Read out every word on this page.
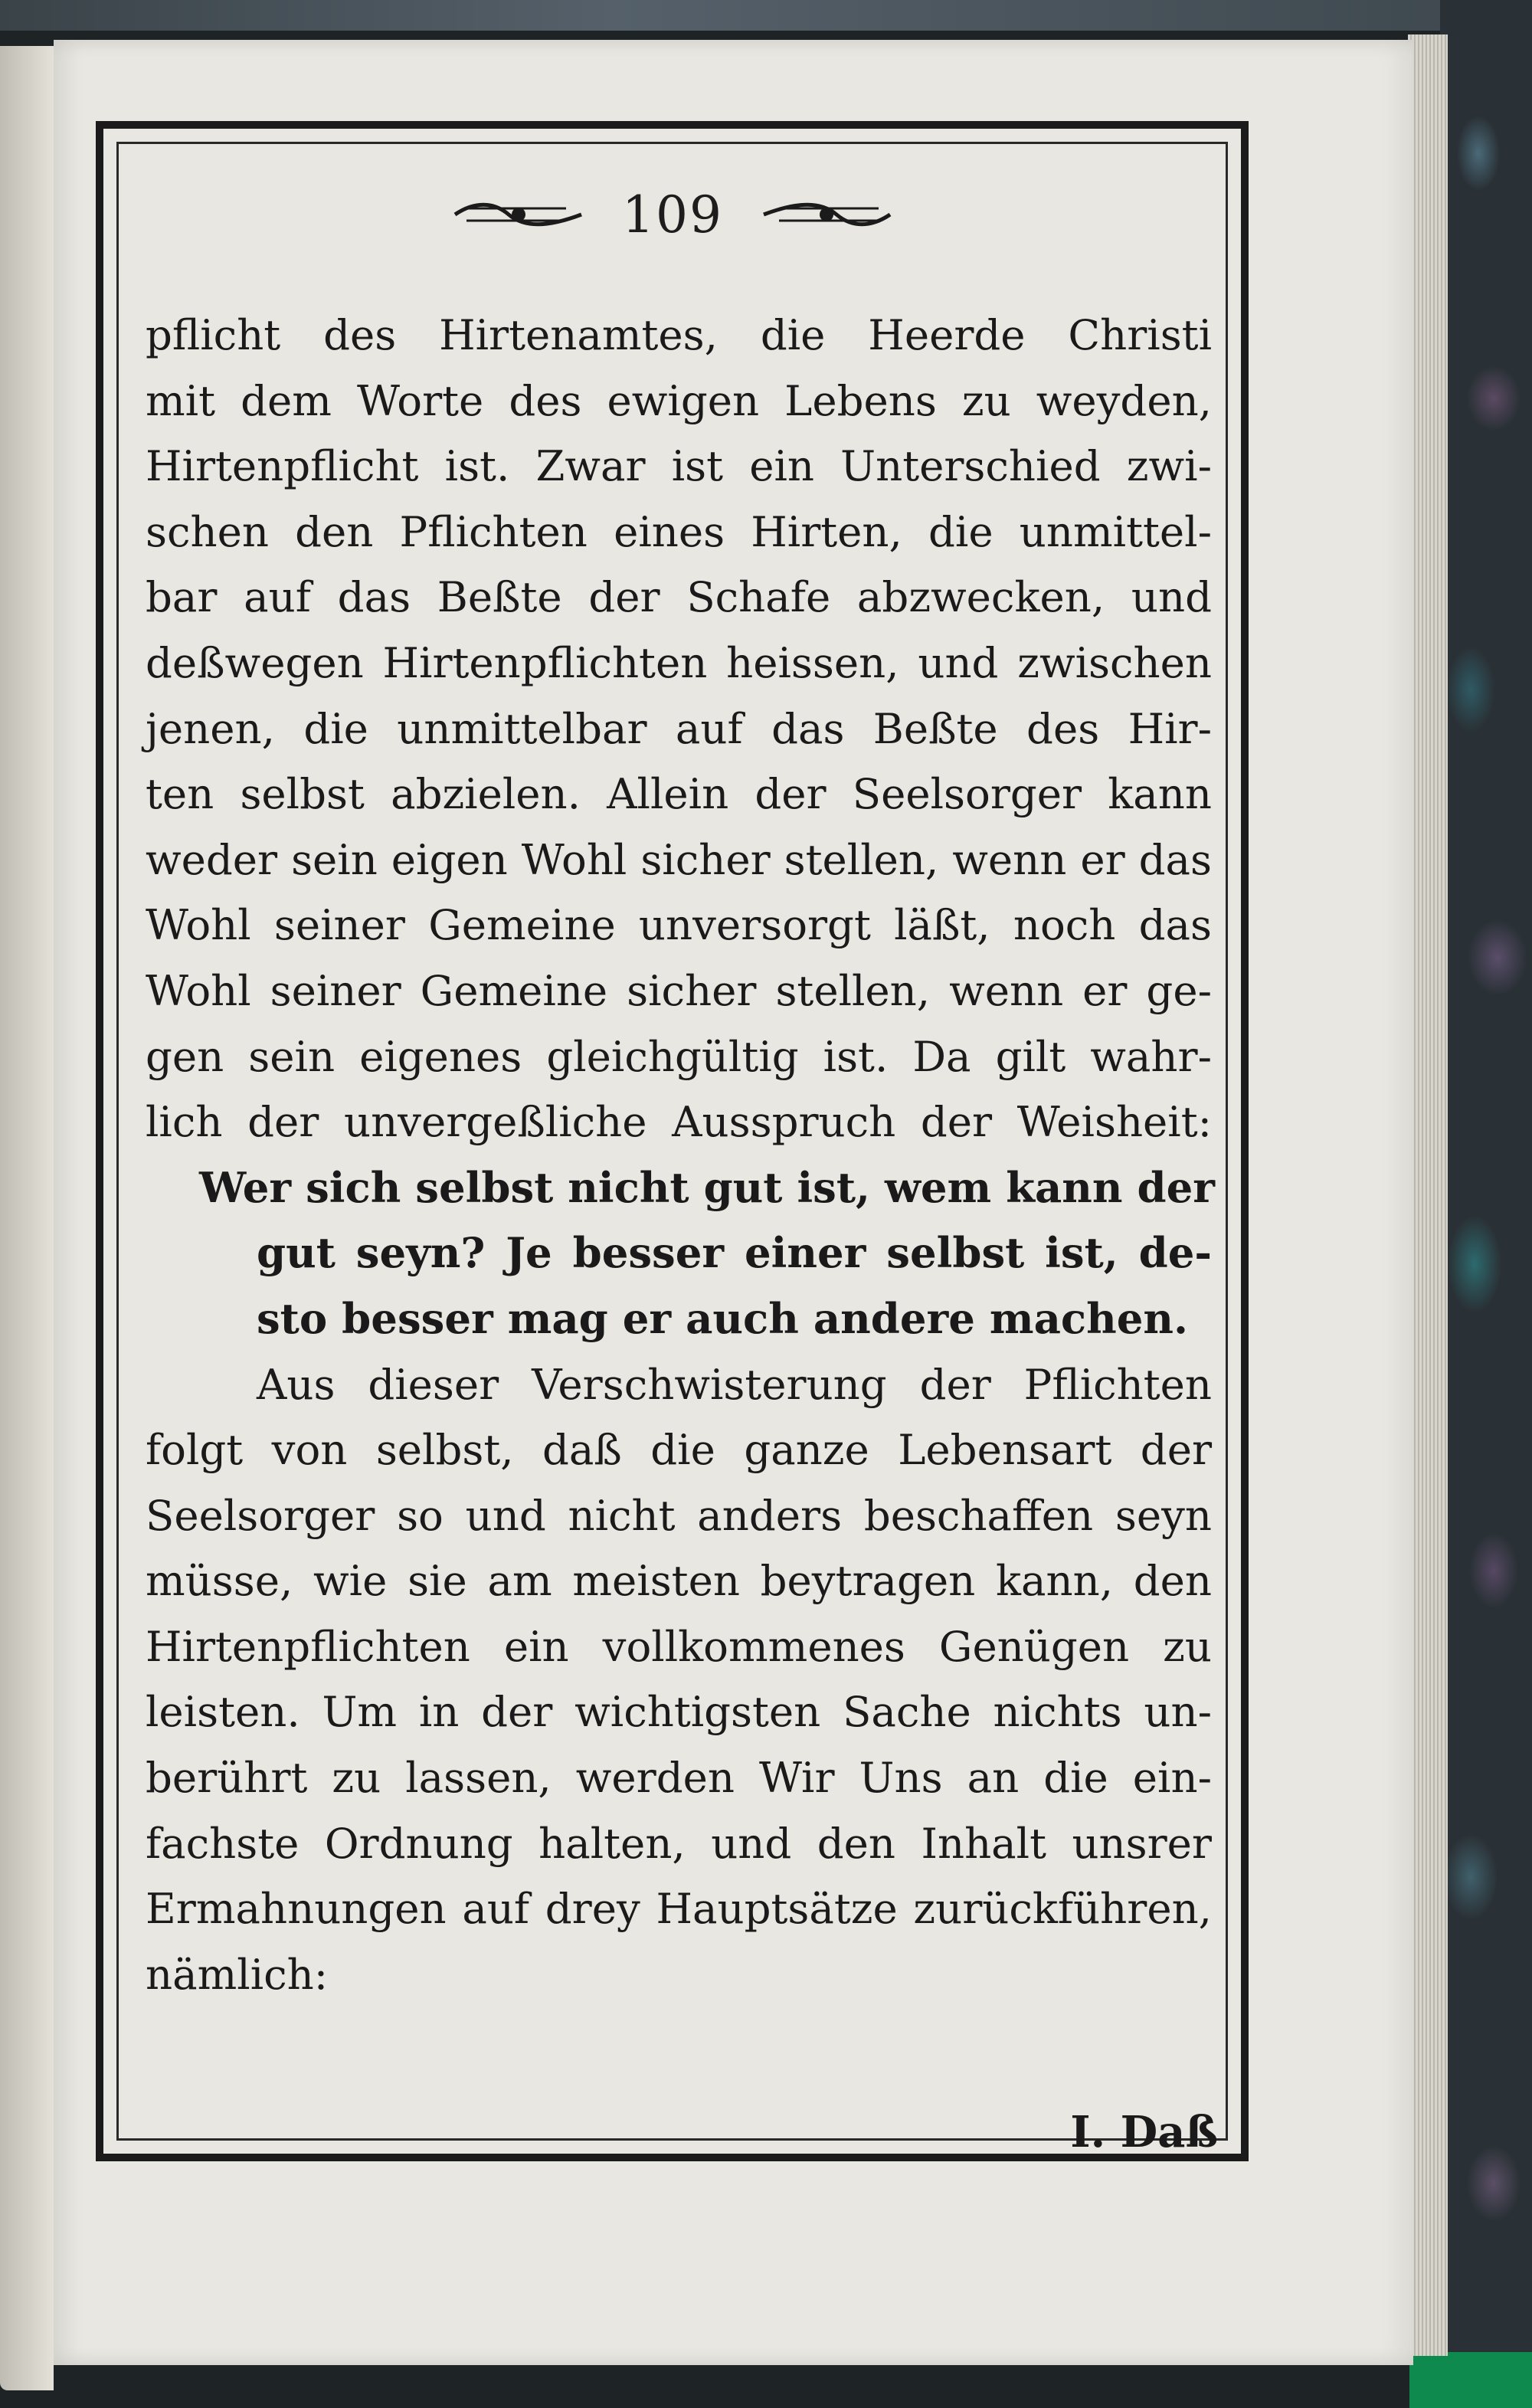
109
pflicht des Hirtenamtes, die Heerde Christi
mit dem Worte des ewigen Lebens zu weyden,
Hirtenpflicht ist. Zwar ist ein Unterschied zwi-
schen den Pflichten eines Hirten, die unmittel-
bar auf das Beßte der Schafe abzwecken, und
deßwegen Hirtenpflichten heissen, und zwischen
jenen, die unmittelbar auf das Beßte des Hir-
ten selbst abzielen. Allein der Seelsorger kann
weder sein eigen Wohl sicher stellen, wenn er das
Wohl seiner Gemeine unversorgt läßt, noch das
Wohl seiner Gemeine sicher stellen, wenn er ge-
gen sein eigenes gleichgültig ist. Da gilt wahr-
lich der unvergeßliche Ausspruch der Weisheit:
Wer sich selbst nicht gut ist, wem kann der
gut seyn? Je besser einer selbst ist, de-
sto besser mag er auch andere machen.
Aus dieser Verschwisterung der Pflichten
folgt von selbst, daß die ganze Lebensart der
Seelsorger so und nicht anders beschaffen seyn
müsse, wie sie am meisten beytragen kann, den
Hirtenpflichten ein vollkommenes Genügen zu
leisten. Um in der wichtigsten Sache nichts un-
berührt zu lassen, werden Wir Uns an die ein-
fachste Ordnung halten, und den Inhalt unsrer
Ermahnungen auf drey Hauptsätze zurückführen,
nämlich:
I. Daß
